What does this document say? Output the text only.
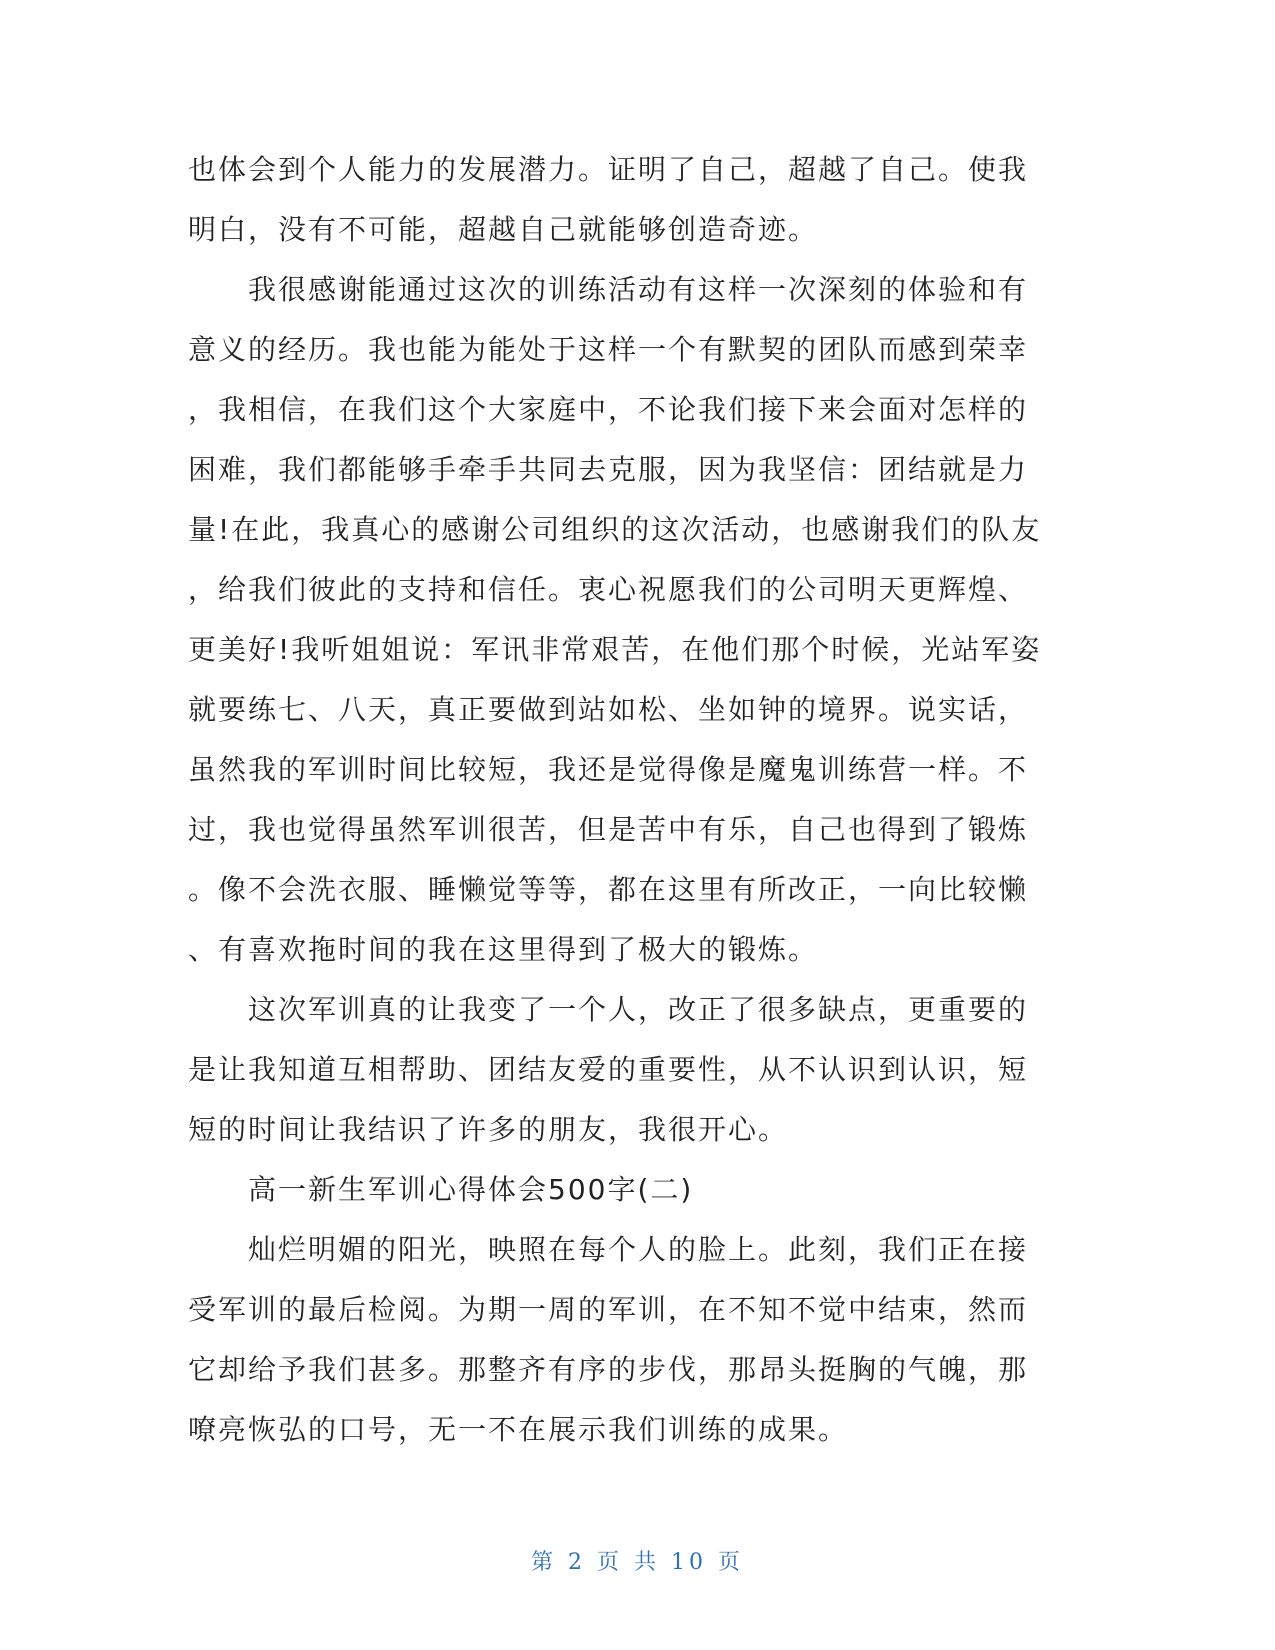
也体会到个人能力的发展潜力。证明了自己，超越了自己。使我
明白，没有不可能，超越自己就能够创造奇迹。
　　我很感谢能通过这次的训练活动有这样一次深刻的体验和有
意义的经历。我也能为能处于这样一个有默契的团队而感到荣幸
，我相信，在我们这个大家庭中，不论我们接下来会面对怎样的
困难，我们都能够手牵手共同去克服，因为我坚信：团结就是力
量!在此，我真心的感谢公司组织的这次活动，也感谢我们的队友
，给我们彼此的支持和信任。衷心祝愿我们的公司明天更辉煌、
更美好!我听姐姐说：军讯非常艰苦，在他们那个时候，光站军姿
就要练七、八天，真正要做到站如松、坐如钟的境界。说实话，
虽然我的军训时间比较短，我还是觉得像是魔鬼训练营一样。不
过，我也觉得虽然军训很苦，但是苦中有乐，自己也得到了锻炼
。像不会洗衣服、睡懒觉等等，都在这里有所改正，一向比较懒
、有喜欢拖时间的我在这里得到了极大的锻炼。
　　这次军训真的让我变了一个人，改正了很多缺点，更重要的
是让我知道互相帮助、团结友爱的重要性，从不认识到认识，短
短的时间让我结识了许多的朋友，我很开心。
　　高一新生军训心得体会500字(二)
　　灿烂明媚的阳光，映照在每个人的脸上。此刻，我们正在接
受军训的最后检阅。为期一周的军训，在不知不觉中结束，然而
它却给予我们甚多。那整齐有序的步伐，那昂头挺胸的气魄，那
嘹亮恢弘的口号，无一不在展示我们训练的成果。
第 2 页 共 10 页
